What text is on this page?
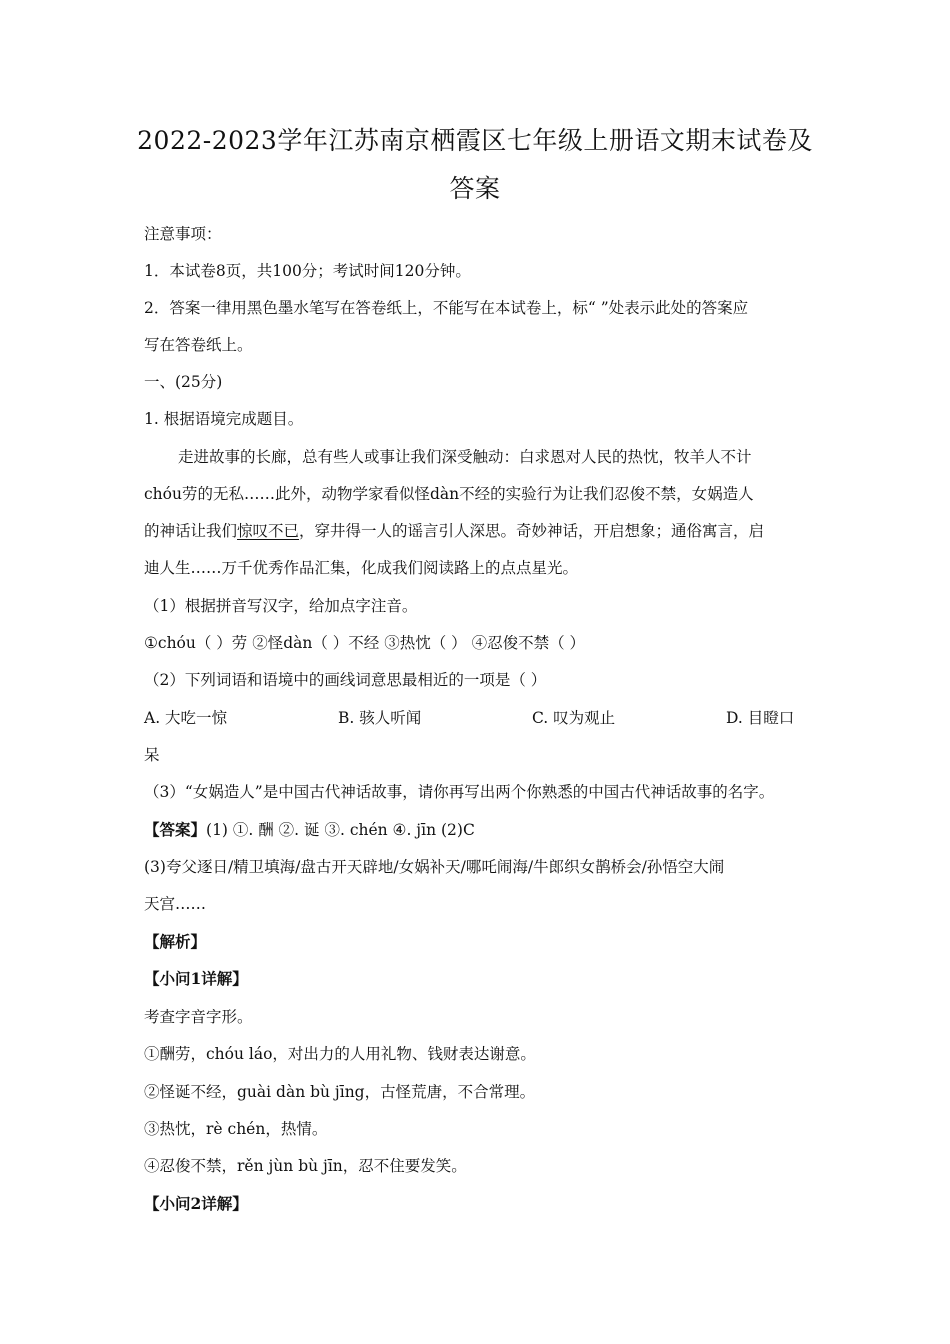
2022-2023学年江苏南京栖霞区七年级上册语文期末试卷及
答案
注意事项：
1．本试卷8页，共100分；考试时间120分钟。
2．答案一律用黑色墨水笔写在答卷纸上，不能写在本试卷上，标“ ”处表示此处的答案应
写在答卷纸上。
一、(25分)
1. 根据语境完成题目。
走进故事的长廊，总有些人或事让我们深受触动：白求恩对人民的热忱，牧羊人不计
chóu劳的无私……此外，动物学家看似怪dàn不经的实验行为让我们忍俊不禁，女娲造人
的神话让我们惊叹不已，穿井得一人的谣言引人深思。奇妙神话，开启想象；通俗寓言，启
迪人生……万千优秀作品汇集，化成我们阅读路上的点点星光。
（1）根据拼音写汉字，给加点字注音。
①chóu（ ）劳 ②怪dàn（ ）不经 ③热忱（ ） ④忍俊不禁（ ）
（2）下列词语和语境中的画线词意思最相近的一项是（ ）
A. 大吃一惊	B. 骇人听闻	C. 叹为观止	D. 目瞪口
呆
（3）“女娲造人”是中国古代神话故事，请你再写出两个你熟悉的中国古代神话故事的名字。
【答案】(1) ①. 酬 ②. 诞 ③. chén ④. jīn (2)C
(3)夸父逐日/精卫填海/盘古开天辟地/女娲补天/哪吒闹海/牛郎织女鹊桥会/孙悟空大闹
天宫……
【解析】
【小问1详解】
考查字音字形。
①酬劳，chóu láo，对出力的人用礼物、钱财表达谢意。
②怪诞不经，guài dàn bù jīng，古怪荒唐，不合常理。
③热忱，rè chén，热情。
④忍俊不禁，rěn jùn bù jīn，忍不住要发笑。
【小问2详解】
